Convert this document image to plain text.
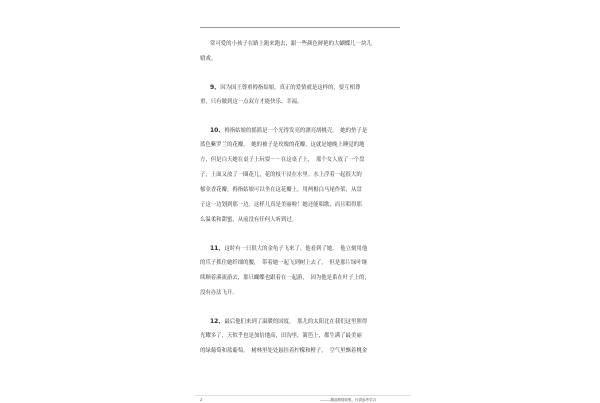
常可爱的小孩子在路上跑来跑去，跟一些颜色鲜艳的大蝴蝶儿一块儿
嬉戏。
9、因为国王尊重拇指姑娘，真正的爱情就是这样的，要互相尊
重，只有做到这一点双方才能快乐、幸福。
10、拇指姑娘的摇篮是一个光得发亮的漂亮胡桃壳。　她的垫子是
蓝色紫罗兰的花瓣。　她的被子是玫瑰的花瓣。这就是她晚上睡觉的地
方，但是白天她在桌子上玩耍－－在这桌子上，　那个女人放了一个盘
子，上面又放了一圈花儿，花的枝干浸在水里。水上浮着一起很大的
郁金香花瓣。拇指姑娘可以坐在这花瓣上，用两根白马尾作桨，从盘
子这一边划到那一边。这样儿真是美丽啦！她还能唱歌，而且唱得那
么温柔和甜蜜，从前没有任何人听到过。
11、这时有一只很大的金龟子飞来了。他看到了她，　他立刻用他
的爪子抓住她纤细的腰，　带着她一起飞到树上去了，　但是那片绿叶继
续顺着溪流游去，那只蝴蝶也跟着在一起游，　因为他是系在叶子上的，
没有办法飞开。
12、最后他们来到了温暖的国度。　那儿的太阳比在我们这里照得
光耀多了，天似乎也是加倍地高，田沟里，篱笆上，都生满了最美丽
的绿葡萄和蓝葡萄。　树林里处处悬挂着柠檬和橙子，　空气里飘着桃金
2	———精品网络收集，仅供参考学习
